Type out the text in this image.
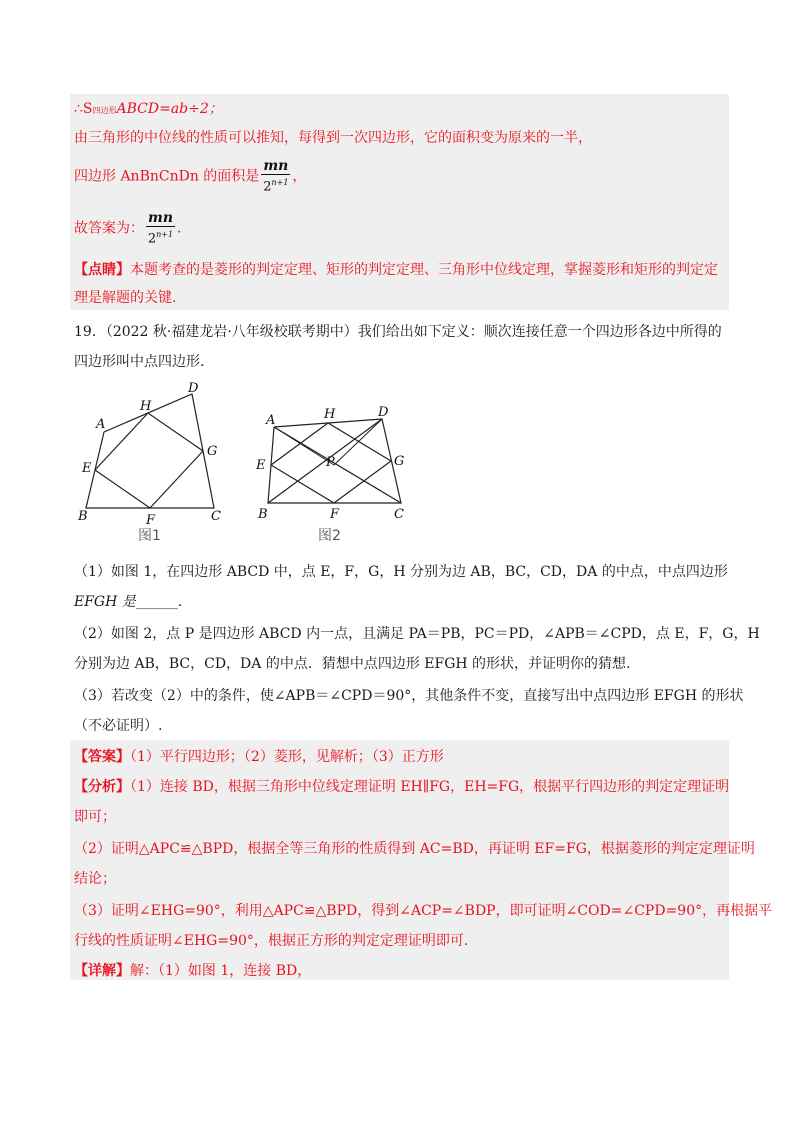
∴S四边形ABCD=ab÷2；
由三角形的中位线的性质可以推知，每得到一次四边形，它的面积变为原来的一半，
四边形 AnBnCnDn 的面积是 $\frac{mn}{2^{n+1}}$ ，
故答案为： $\frac{mn}{2^{n+1}}$ .
【点睛】本题考查的是菱形的判定定理、矩形的判定定理、三角形中位线定理，掌握菱形和矩形的判定定
理是解题的关键.
19．（2022 秋·福建龙岩·八年级校联考期中）我们给出如下定义：顺次连接任意一个四边形各边中所得的
四边形叫中点四边形.
A
H
D
E
G
B	F	C
图1
A	H	D
E	P	G
B	F	C
图2
（1）如图 1，在四边形 ABCD 中，点 E，F，G，H 分别为边 AB，BC，CD，DA 的中点，中点四边形
EFGH 是______.
（2）如图 2，点 P 是四边形 ABCD 内一点，且满足 PA＝PB，PC＝PD，∠APB＝∠CPD，点 E，F，G，H
分别为边 AB，BC，CD，DA 的中点．猜想中点四边形 EFGH 的形状，并证明你的猜想.
（3）若改变（2）中的条件，使∠APB＝∠CPD＝90°，其他条件不变，直接写出中点四边形 EFGH 的形状
（不必证明）.
【答案】（1）平行四边形；（2）菱形，见解析；（3）正方形
【分析】（1）连接 BD，根据三角形中位线定理证明 EH∥FG，EH=FG，根据平行四边形的判定定理证明
即可；
（2）证明△APC≌△BPD，根据全等三角形的性质得到 AC=BD，再证明 EF=FG，根据菱形的判定定理证明
结论；
（3）证明∠EHG=90°，利用△APC≌△BPD，得到∠ACP=∠BDP，即可证明∠COD=∠CPD=90°，再根据平
行线的性质证明∠EHG=90°，根据正方形的判定定理证明即可.
【详解】解：（1）如图 1，连接 BD，
